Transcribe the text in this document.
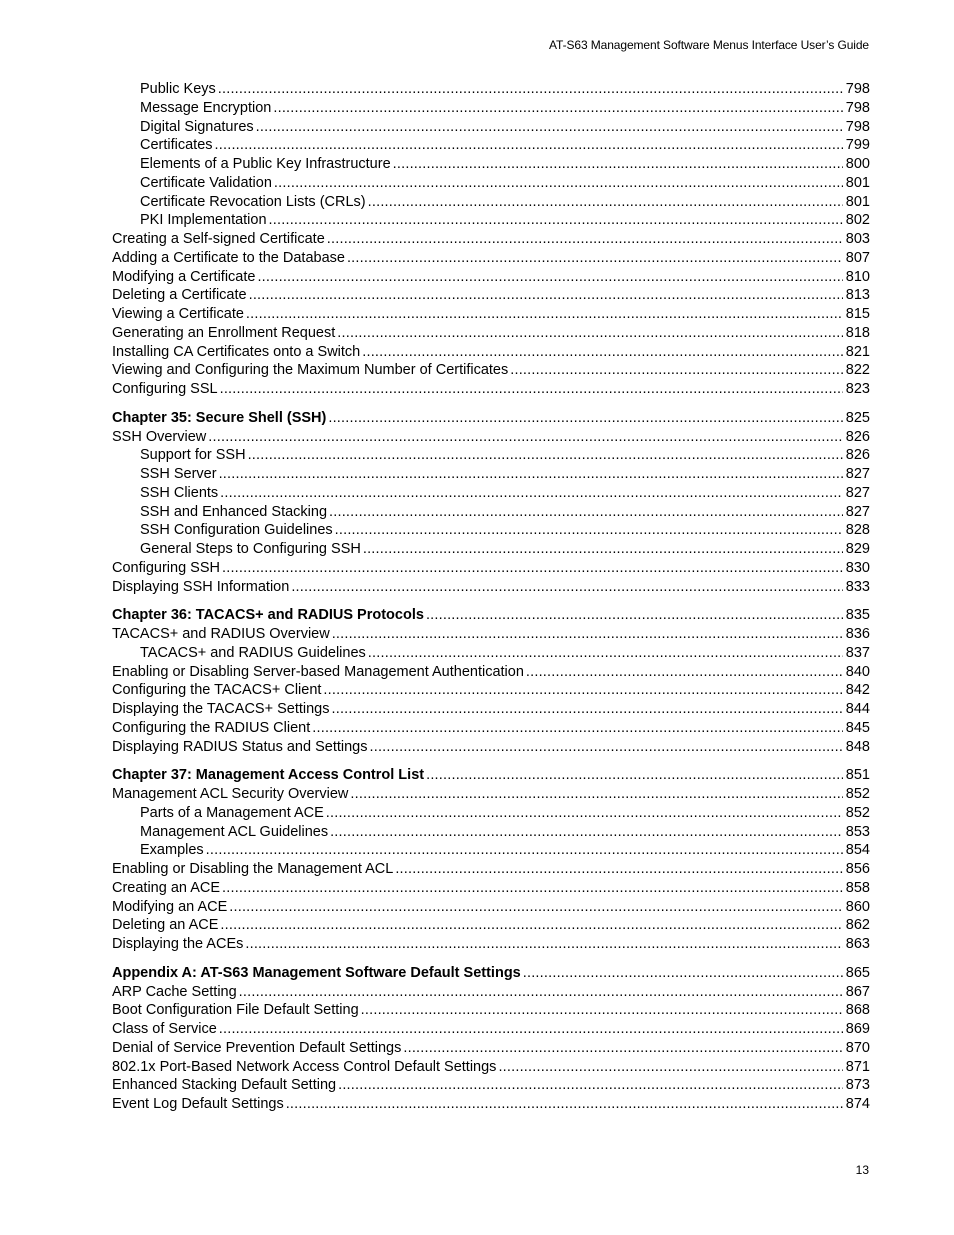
AT-S63 Management Software Menus Interface User’s Guide
Public Keys .....	798
Message Encryption .....	798
Digital Signatures .....	798
Certificates .....	799
Elements of a Public Key Infrastructure .....	800
Certificate Validation .....	801
Certificate Revocation Lists (CRLs) .....	801
PKI Implementation .....	802
Creating a Self-signed Certificate .....	803
Adding a Certificate to the Database .....	807
Modifying a Certificate .....	810
Deleting a Certificate .....	813
Viewing a Certificate .....	815
Generating an Enrollment Request .....	818
Installing CA Certificates onto a Switch .....	821
Viewing and Configuring the Maximum Number of Certificates .....	822
Configuring SSL .....	823
Chapter 35: Secure Shell (SSH) .....	825
SSH Overview .....	826
Support for SSH .....	826
SSH Server .....	827
SSH Clients .....	827
SSH and Enhanced Stacking .....	827
SSH Configuration Guidelines .....	828
General Steps to Configuring SSH .....	829
Configuring SSH .....	830
Displaying SSH Information .....	833
Chapter 36: TACACS+ and RADIUS Protocols .....	835
TACACS+ and RADIUS Overview .....	836
TACACS+ and RADIUS Guidelines .....	837
Enabling or Disabling Server-based Management Authentication .....	840
Configuring the TACACS+ Client .....	842
Displaying the TACACS+ Settings .....	844
Configuring the RADIUS Client .....	845
Displaying RADIUS Status and Settings .....	848
Chapter 37: Management Access Control List .....	851
Management ACL Security Overview .....	852
Parts of a Management ACE .....	852
Management ACL Guidelines .....	853
Examples .....	854
Enabling or Disabling the Management ACL .....	856
Creating an ACE .....	858
Modifying an ACE .....	860
Deleting an ACE .....	862
Displaying the ACEs .....	863
Appendix A: AT-S63 Management Software Default Settings .....	865
ARP Cache Setting .....	867
Boot Configuration File Default Setting .....	868
Class of Service .....	869
Denial of Service Prevention Default Settings .....	870
802.1x Port-Based Network Access Control Default Settings .....	871
Enhanced Stacking Default Setting .....	873
Event Log Default Settings .....	874
13
